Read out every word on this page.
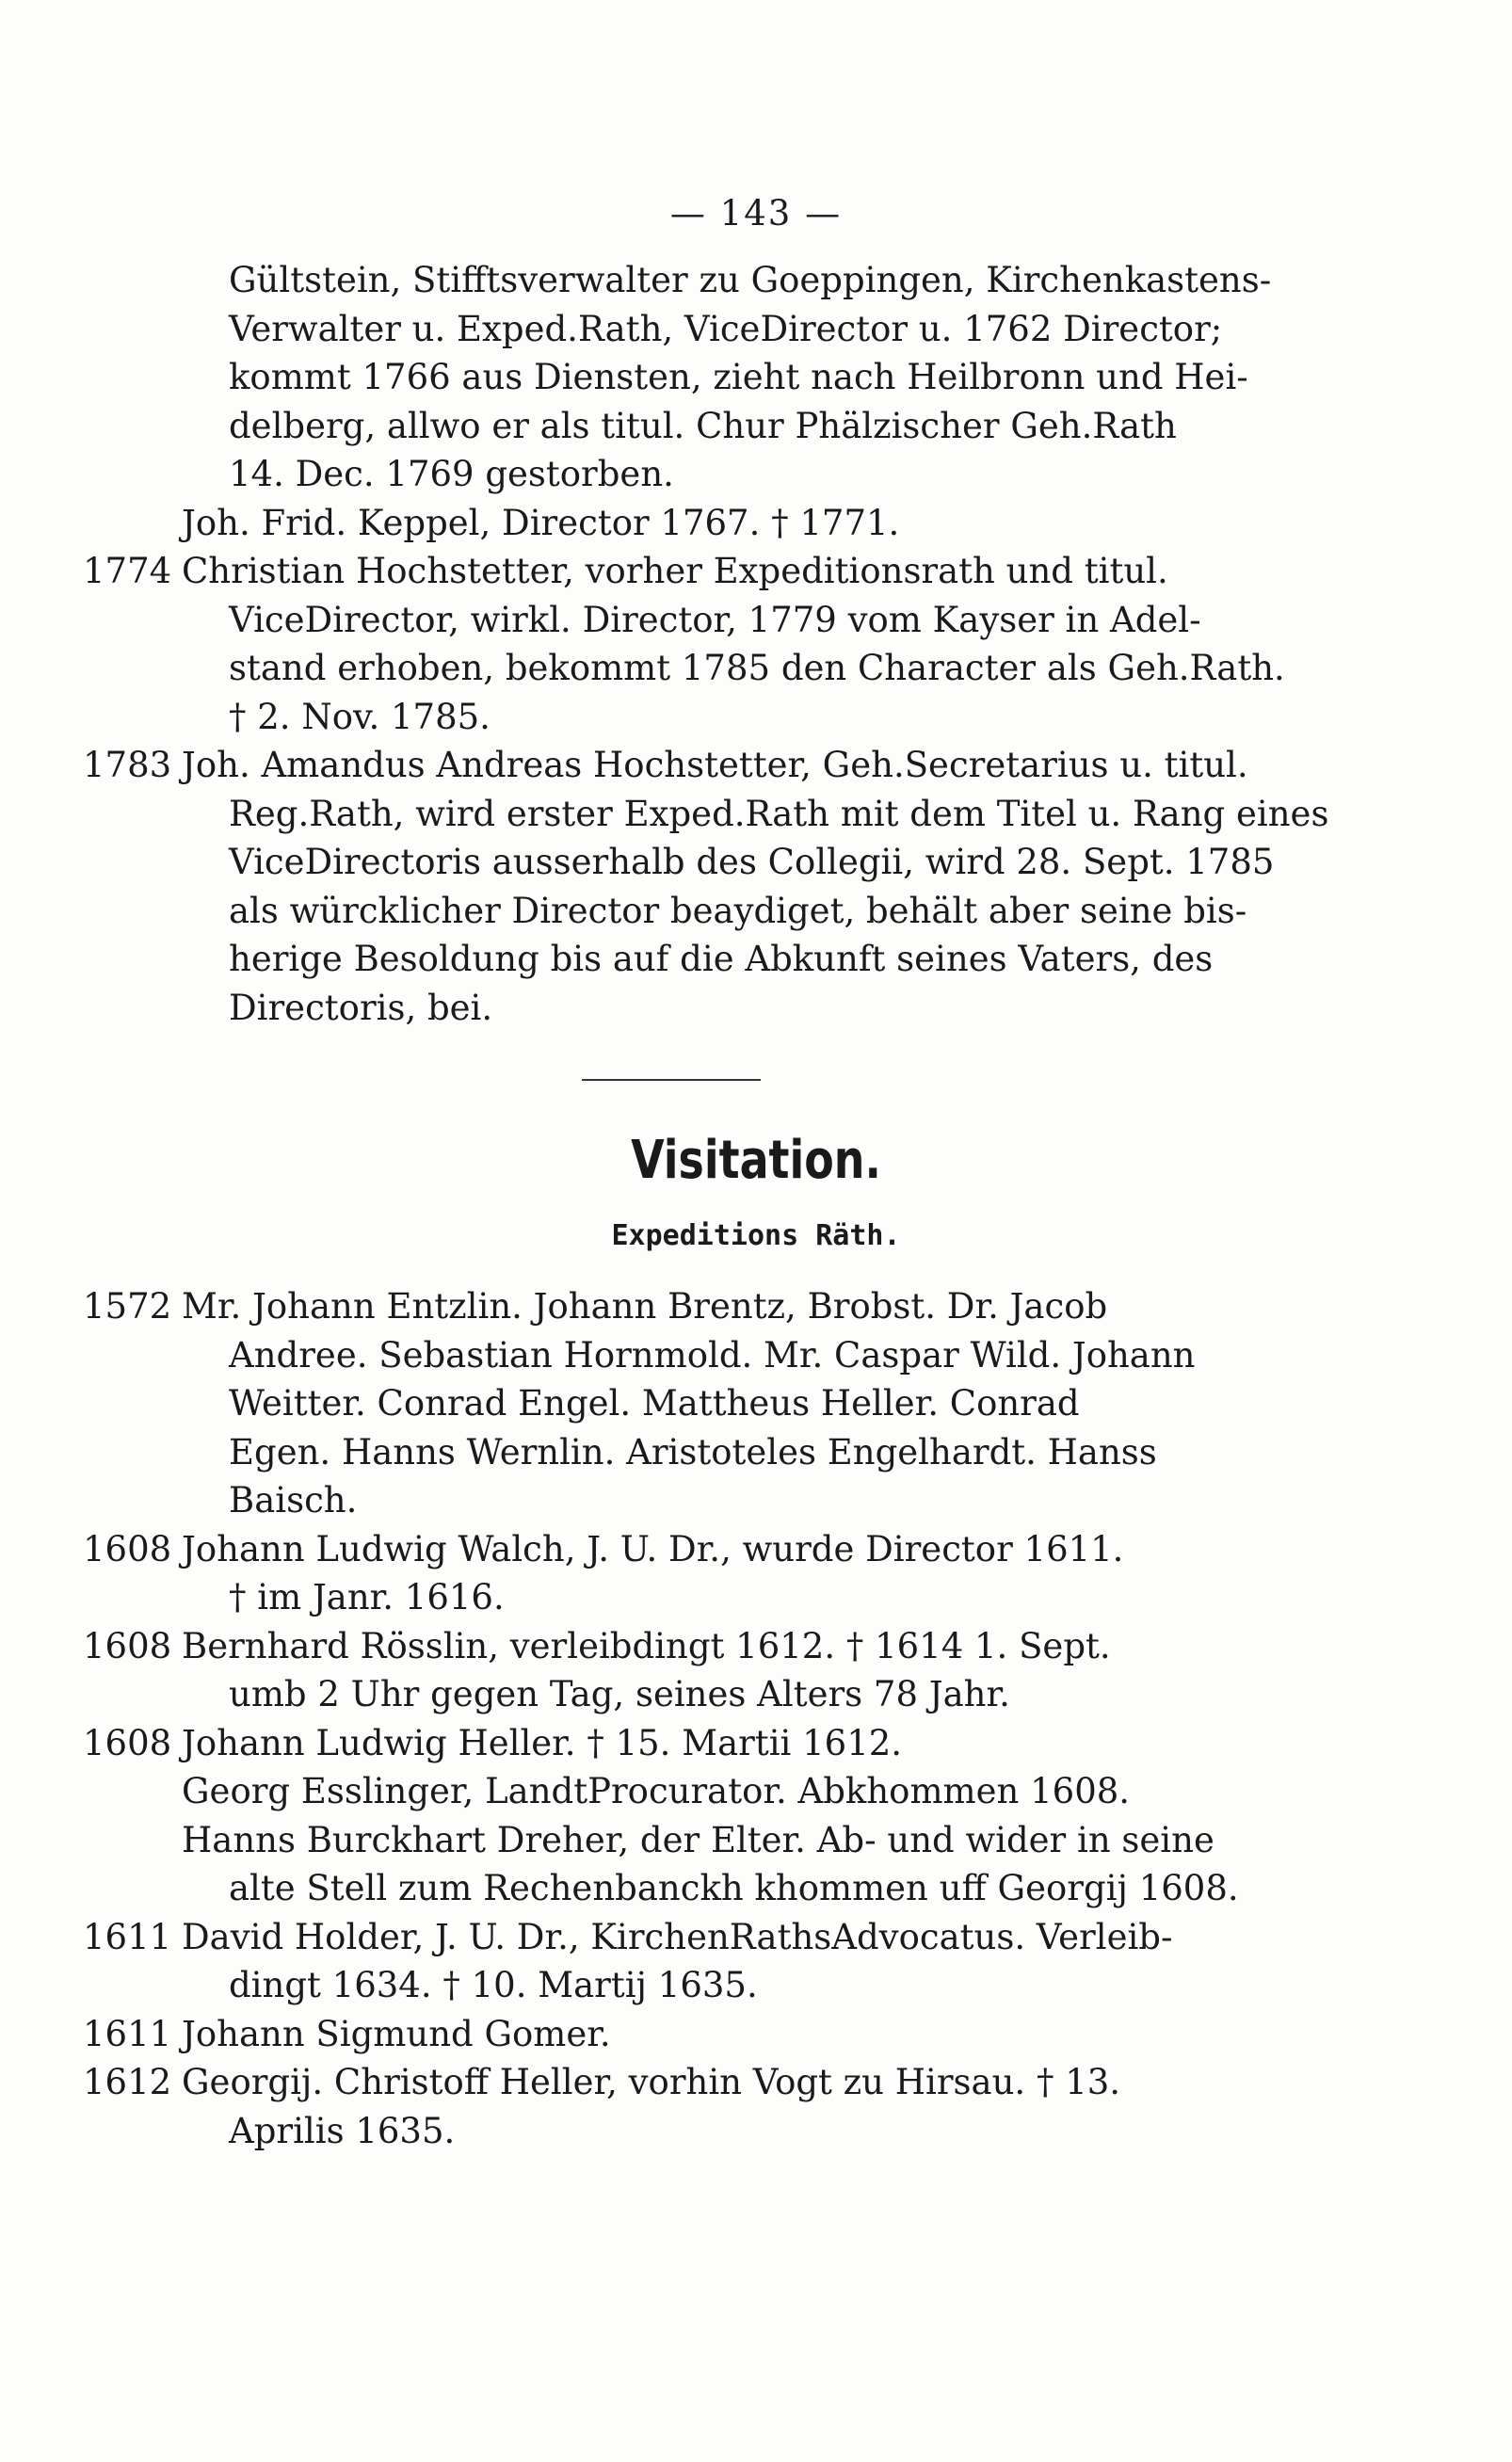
— 143 —
Gültstein, Stifftsverwalter zu Goeppingen, Kirchenkastens-
Verwalter u. Exped.Rath, ViceDirector u. 1762 Director;
kommt 1766 aus Diensten, zieht nach Heilbronn und Hei-
delberg, allwo er als titul. Chur Phälzischer Geh.Rath
14. Dec. 1769 gestorben.
Joh. Frid. Keppel, Director 1767. † 1771.
1774 Christian Hochstetter, vorher Expeditionsrath und titul.
ViceDirector, wirkl. Director, 1779 vom Kayser in Adel-
stand erhoben, bekommt 1785 den Character als Geh.Rath.
† 2. Nov. 1785.
1783 Joh. Amandus Andreas Hochstetter, Geh.Secretarius u. titul.
Reg.Rath, wird erster Exped.Rath mit dem Titel u. Rang eines
ViceDirectoris ausserhalb des Collegii, wird 28. Sept. 1785
als würcklicher Director beaydiget, behält aber seine bis-
herige Besoldung bis auf die Abkunft seines Vaters, des
Directoris, bei.
Visitation.
Expeditions Räth.
1572 Mr. Johann Entzlin. Johann Brentz, Brobst. Dr. Jacob
Andree. Sebastian Hornmold. Mr. Caspar Wild. Johann
Weitter. Conrad Engel. Mattheus Heller. Conrad
Egen. Hanns Wernlin. Aristoteles Engelhardt. Hanss
Baisch.
1608 Johann Ludwig Walch, J. U. Dr., wurde Director 1611.
† im Janr. 1616.
1608 Bernhard Rösslin, verleibdingt 1612. † 1614 1. Sept.
umb 2 Uhr gegen Tag, seines Alters 78 Jahr.
1608 Johann Ludwig Heller. † 15. Martii 1612.
Georg Esslinger, LandtProcurator. Abkhommen 1608.
Hanns Burckhart Dreher, der Elter. Ab- und wider in seine
alte Stell zum Rechenbanckh khommen uff Georgij 1608.
1611 David Holder, J. U. Dr., KirchenRathsAdvocatus. Verleib-
dingt 1634. † 10. Martij 1635.
1611 Johann Sigmund Gomer.
1612 Georgij. Christoff Heller, vorhin Vogt zu Hirsau. † 13.
Aprilis 1635.
